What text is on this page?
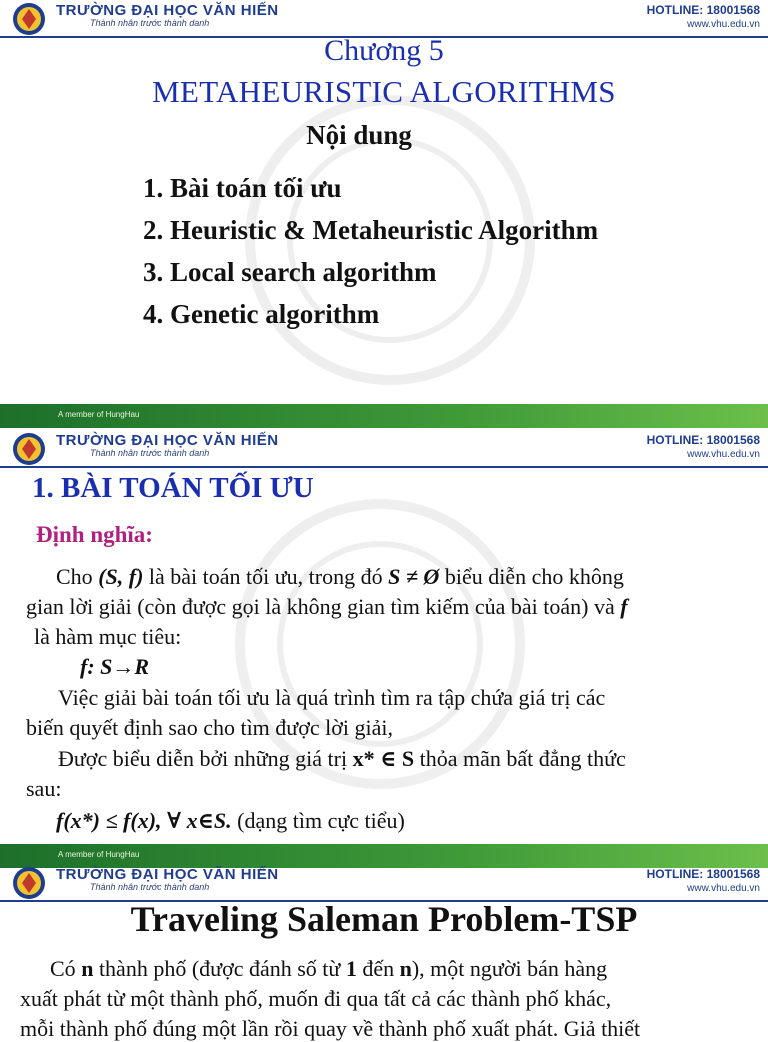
TRƯỜNG ĐẠI HỌC VĂN HIẾN
Thành nhân trước thành danh
HOTLINE: 18001568
www.vhu.edu.vn
Chương 5
METAHEURISTIC ALGORITHMS
Nội dung
1. Bài toán tối ưu
2. Heuristic & Metaheuristic Algorithm
3. Local search algorithm
4. Genetic algorithm
A member of HungHau
TRƯỜNG ĐẠI HỌC VĂN HIẾN
Thành nhân trước thành danh
HOTLINE: 18001568
www.vhu.edu.vn
1. BÀI TOÁN TỐI ƯU
Định nghĩa:
Cho (S, f) là bài toán tối ưu, trong đó S ≠ Ø biểu diễn cho không
gian lời giải (còn được gọi là không gian tìm kiếm của bài toán) và f
là hàm mục tiêu:
f: S→R
Việc giải bài toán tối ưu là quá trình tìm ra tập chứa giá trị các
biến quyết định sao cho tìm được lời giải,
Được biểu diễn bởi những giá trị x* ∈ S thỏa mãn bất đẳng thức
sau:
f(x*) ≤ f(x), ∀ x∈S. (dạng tìm cực tiểu)
A member of HungHau
TRƯỜNG ĐẠI HỌC VĂN HIẾN
Thành nhân trước thành danh
HOTLINE: 18001568
www.vhu.edu.vn
Traveling Saleman Problem-TSP
Có n thành phố (được đánh số từ 1 đến n), một người bán hàng
xuất phát từ một thành phố, muốn đi qua tất cả các thành phố khác,
mỗi thành phố đúng một lần rồi quay về thành phố xuất phát. Giả thiết
